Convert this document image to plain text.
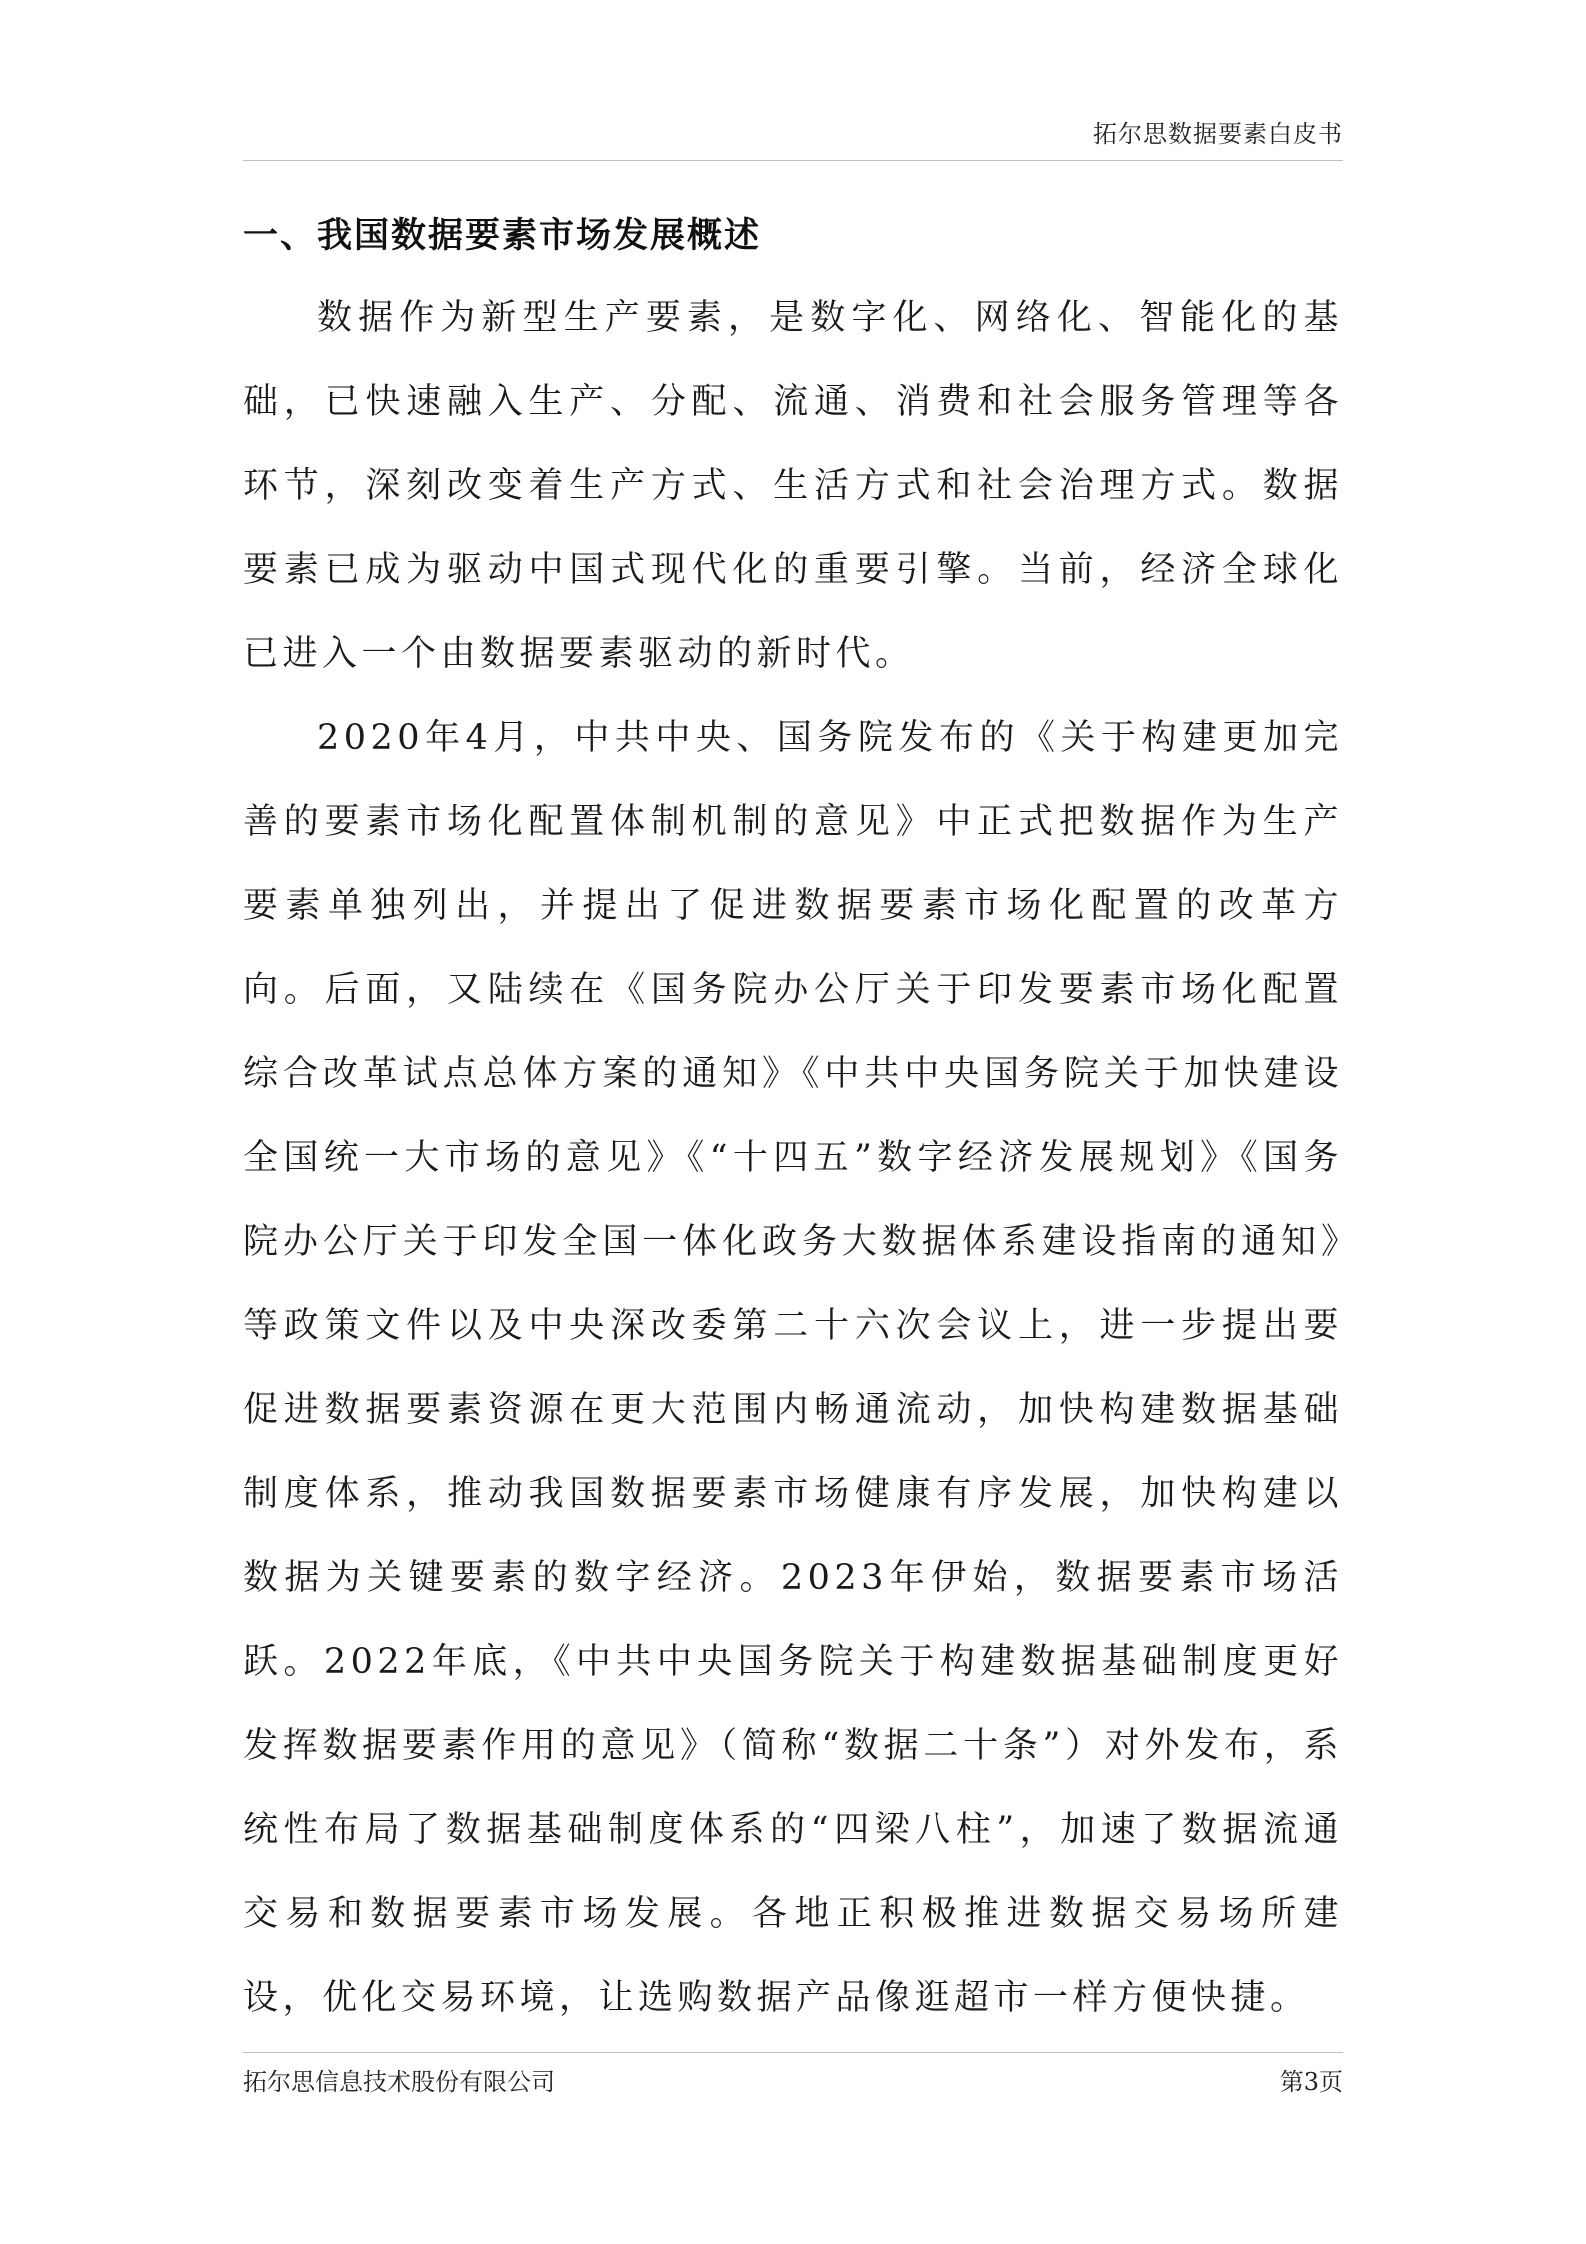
拓尔思数据要素白皮书
一、我国数据要素市场发展概述

数据作为新型生产要素，是数字化、网络化、智能化的基础，已快速融入生产、分配、流通、消费和社会服务管理等各环节，深刻改变着生产方式、生活方式和社会治理方式。数据要素已成为驱动中国式现代化的重要引擎。当前，经济全球化已进入一个由数据要素驱动的新时代。

2020年4月，中共中央、国务院发布的《关于构建更加完善的要素市场化配置体制机制的意见》中正式把数据作为生产要素单独列出，并提出了促进数据要素市场化配置的改革方向。后面，又陆续在《国务院办公厅关于印发要素市场化配置综合改革试点总体方案的通知》《中共中央国务院关于加快建设全国统一大市场的意见》《“十四五”数字经济发展规划》《国务院办公厅关于印发全国一体化政务大数据体系建设指南的通知》等政策文件以及中央深改委第二十六次会议上，进一步提出要促进数据要素资源在更大范围内畅通流动，加快构建数据基础制度体系，推动我国数据要素市场健康有序发展，加快构建以数据为关键要素的数字经济。2023年伊始，数据要素市场活跃。2022年底，《中共中央国务院关于构建数据基础制度更好发挥数据要素作用的意见》（简称“数据二十条”）对外发布，系统性布局了数据基础制度体系的“四梁八柱”，加速了数据流通交易和数据要素市场发展。各地正积极推进数据交易场所建设，优化交易环境，让选购数据产品像逛超市一样方便快捷。

拓尔思信息技术股份有限公司	第3页
